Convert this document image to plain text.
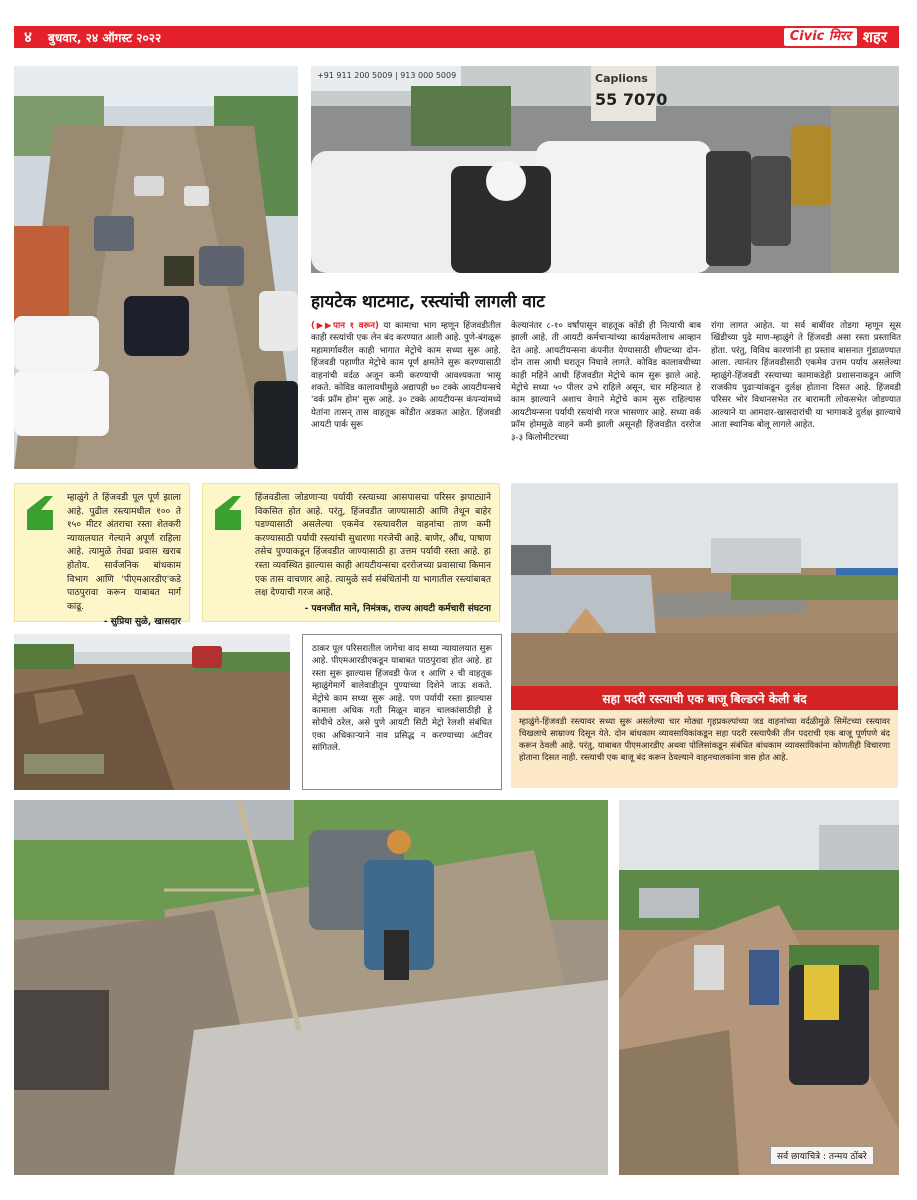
४	बुधवार, २४ ऑगस्ट २०२२	Civic मिरर शहर
+91 911 200 5009 | 913 000 5009	Caplions
55 7070
हायटेक थाटमाट, रस्त्यांची लागली वाट
(▶▶पान १ वरून) या कामाचा भाग म्हणून हिंजवडीतील काही रस्त्यांची एक लेन बंद करण्यात आली आहे. पुणे-बंगळूरू महामार्गावरील काही भागात मेट्रोचे काम सध्या सुरू आहे. हिंजवडी पहाणीत मेट्रोचे काम पूर्ण क्षमतेने सुरू करण्यासाठी वाहनांची वर्दळ अजून कमी करण्याची आवश्यकता भासू शकते. कोविड कालावधीमुळे अद्यापही ७० टक्के आयटीयन्सचे 'वर्क फ्रॉम होम' सुरू आहे. ३० टक्के आयटीयन्स कंपन्यांमध्ये येतांना तासन् तास वाहतूक कोंडीत अडकत आहेत. हिंजवडी आयटी पार्क सुरू
केल्यानंतर ८-१० वर्षांपासून वाहतूक कोंडी ही नित्याची बाब झाली आहे. ती आयटी कर्मचाऱ्यांच्या कार्यक्षमतेलाच आव्हान देत आहे. आयटीयन्सना कंपनीत येण्यासाठी शीफ्टच्या दोन-दोन तास आधी घरातून निघावे लागते. कोविड कालावधीच्या काही महिने आधी हिंजवडीत मेट्रोचे काम सुरू झाले आहे. मेट्रोचे सध्या ५० पीलर उभे राहिले असून, चार महिन्यात हे काम झाल्याने अशाच वेगाने मेट्रोचे काम सुरू राहिल्यास आयटीयन्सना पर्यायी रस्त्यांची गरज भासणार आहे. सध्या वर्क फ्रॉम होममुळे वाहने कमी झाली असूनही हिंजवडीत दररोज ३-३ किलोमीटरच्या
रांगा लागत आहेत. या सर्व बाबींवर तोडगा म्हणून सूस खिंडीच्या पुढे माण-म्हाळुंगे ते हिंजवडी असा रस्ता प्रस्तावित होता. परंतु, विविध कारणांनी हा प्रस्ताव बासनात गुंडाळण्यात आला. त्यानंतर हिंजवडीसाठी एकमेव उत्तम पर्याय असलेल्या म्हाळुंगे-हिंजवडी रस्त्याच्या कामाकडेही प्रशासनाकडून आणि राजकीय पुढाऱ्यांकडून दुर्लक्ष होताना दिसत आहे. हिंजवडी परिसर भोर विधानसभेत तर बारामती लोकसभेत जोडण्यात आल्याने या आमदार-खासदारांची या भागाकडे दुर्लक्ष झाल्याचे आता स्थानिक बोलू लागले आहेत.
म्हाळुंगे ते हिंजवडी पूल पूर्ण झाला आहे. पुढील रस्त्यामधील १०० ते १५० मीटर अंतराचा रस्ता शेतकरी न्यायालयात गेल्याने अपूर्ण राहिला आहे. त्यामुळे तेवढा प्रवास खराब होतोय. सार्वजनिक बांधकाम विभाग आणि 'पीएमआरडीए'कडे पाठपुरावा करून याबाबत मार्ग काढू.
- सुप्रिया सुळे, खासदार
हिंजवडीला जोडणाऱ्या पर्यायी रस्त्याच्या आसपासचा परिसर झपाट्याने विकसित होत आहे. परंतु, हिंजवडीत जाण्यासाठी आणि तेथून बाहेर पडण्यासाठी असलेल्या एकमेव रस्त्यावरील वाहनांचा ताण कमी करण्यासाठी पर्यायी रस्त्यांची सुधारणा गरजेची आहे. बाणेर, औंध, पाषाण तसेच पुण्याकडून हिंजवडीत जाण्यासाठी हा उत्तम पर्यायी रस्ता आहे. हा रस्ता व्यवस्थित झाल्यास काही आयटीयन्सचा दररोजच्या प्रवासाचा किमान एक तास वाचणार आहे. त्यामुळे सर्व संबंधितांनी या भागातील रस्त्यांबाबत लक्ष देण्याची गरज आहे.
- पवनजीत माने, निमंत्रक, राज्य आयटी कर्मचारी संघटना
सहा पदरी रस्त्याची एक बाजू बिल्डरने केली बंद
म्हाळुंगे-हिंजवडी रस्त्यावर सध्या सुरू असलेल्या चार मोठ्या गृहप्रकल्पांच्या जड वाहनांच्या वर्दळीमुळे सिमेंटच्या रस्त्यावर चिखलाचे साम्राज्य दिसून येते. दोन बांधकाम व्यावसायिकांकडून सहा पदरी रस्त्यापैकी तीन पदराची एक बाजू पूर्णपणे बंद करून ठेवली आहे. परंतु, याबाबत पीएमआरडीए अथवा पोलिसांकडून संबंधित बांधकाम व्यावसायिकांना कोणतीही विचारणा होताना दिसत नाही. रस्त्याची एक बाजू बंद करून ठेवल्याने वाहनचालकांना त्रास होत आहे.
ठाकर पूल परिसरातील जागेचा वाद सध्या न्यायालयात सुरू आहे. पीएमआरडीएकडून याबाबत पाठपुरावा होत आहे. हा रस्ता सुरू झाल्यास हिंजवडी फेज १ आणि २ ची वाहतूक म्हाळुंगेमार्गे बालेवाडीतून पुण्याच्या दिशेने जाऊ शकते. मेट्रोचे काम सध्या सुरू आहे. पण पर्यायी रस्ता झाल्यास कामाला अधिक गती मिळून वाहन चालकांसाठीही हे सोयीचे ठरेल, असे पुणे आयटी सिटी मेट्रो रेलशी संबंधित एका अधिकाऱ्याने नाव प्रसिद्ध न करण्याच्या अटीवर सांगितले.
सर्व छायाचित्रे : तन्मय ठोंबरे
